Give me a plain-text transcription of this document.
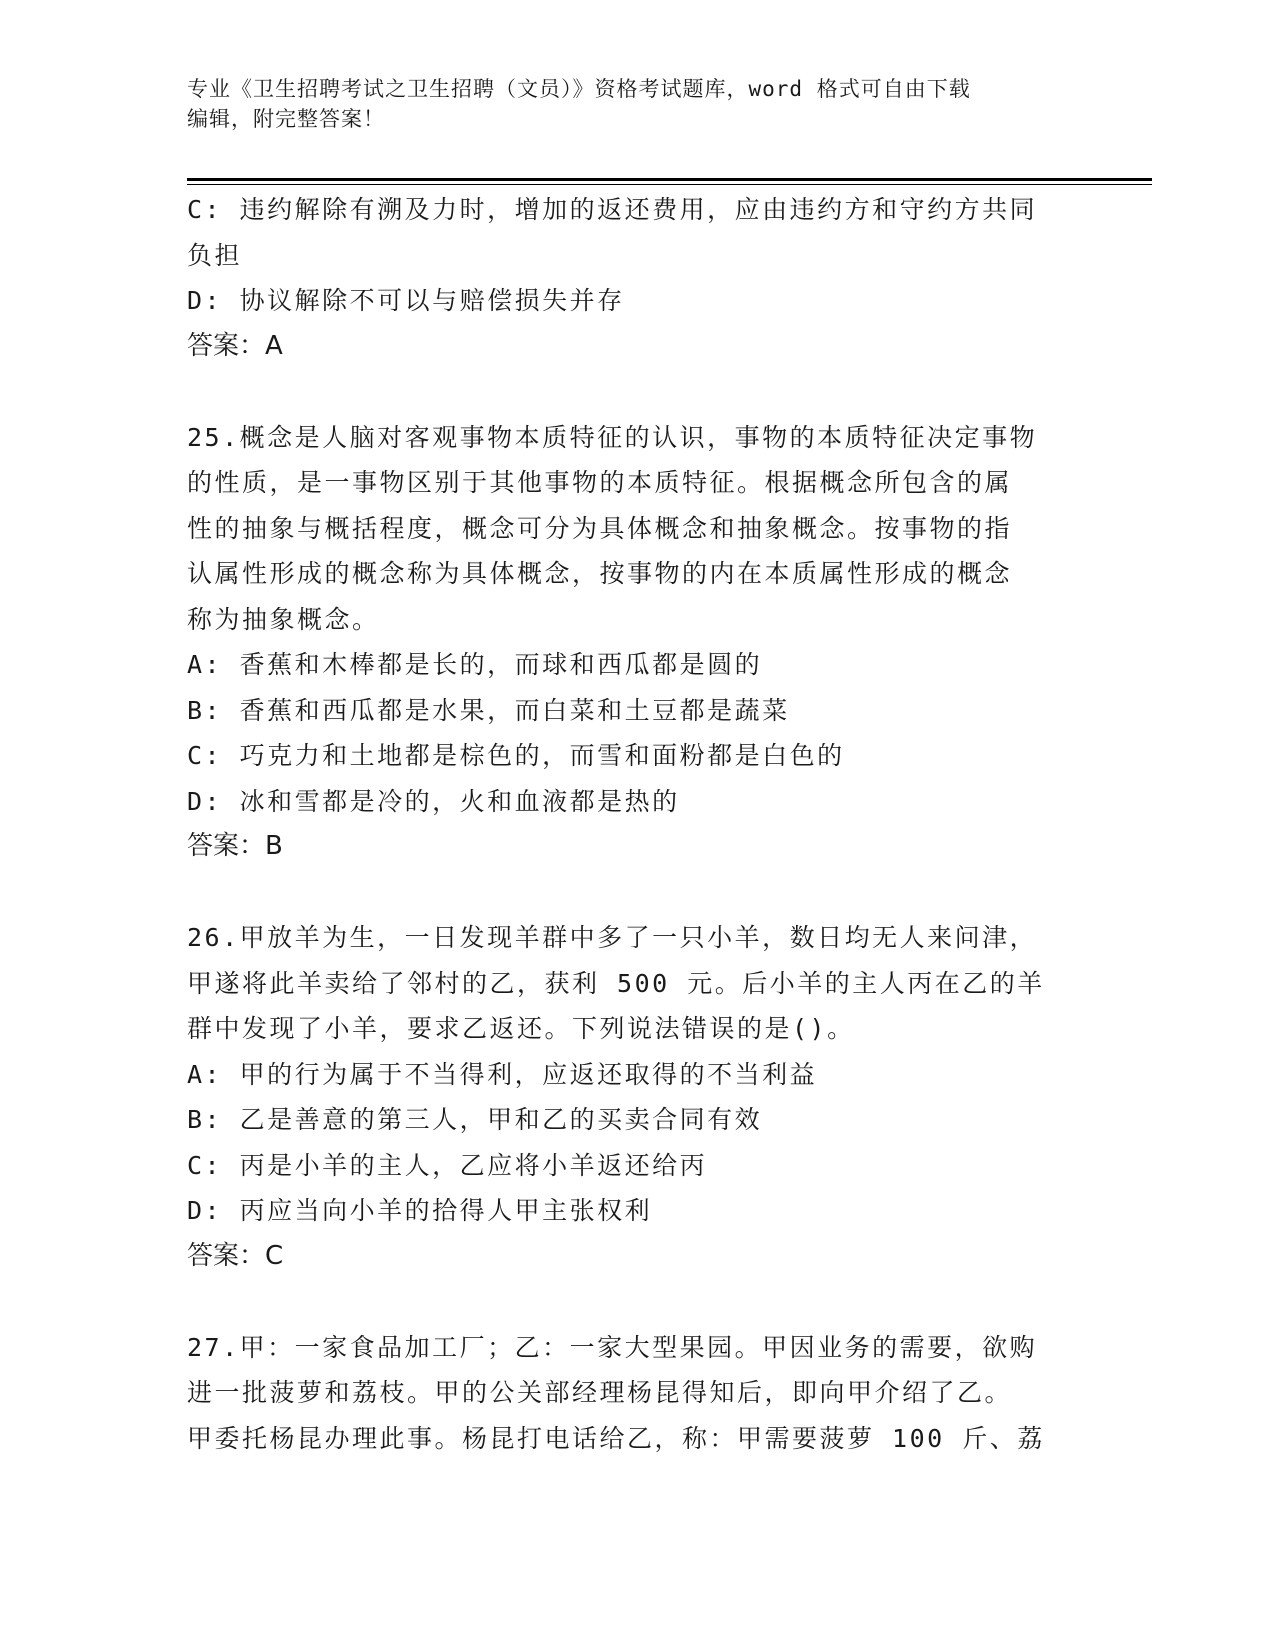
专业《卫生招聘考试之卫生招聘（文员）》资格考试题库，word 格式可自由下载
编辑，附完整答案！
C: 违约解除有溯及力时，增加的返还费用，应由违约方和守约方共同
负担
D: 协议解除不可以与赔偿损失并存
答案：A
25.概念是人脑对客观事物本质特征的认识，事物的本质特征决定事物
的性质，是一事物区别于其他事物的本质特征。根据概念所包含的属
性的抽象与概括程度，概念可分为具体概念和抽象概念。按事物的指
认属性形成的概念称为具体概念，按事物的内在本质属性形成的概念
称为抽象概念。
A: 香蕉和木棒都是长的，而球和西瓜都是圆的
B: 香蕉和西瓜都是水果，而白菜和土豆都是蔬菜
C: 巧克力和土地都是棕色的，而雪和面粉都是白色的
D: 冰和雪都是冷的，火和血液都是热的
答案：B
26.甲放羊为生，一日发现羊群中多了一只小羊，数日均无人来问津，
甲遂将此羊卖给了邻村的乙，获利 500 元。后小羊的主人丙在乙的羊
群中发现了小羊，要求乙返还。下列说法错误的是()。
A: 甲的行为属于不当得利，应返还取得的不当利益
B: 乙是善意的第三人，甲和乙的买卖合同有效
C: 丙是小羊的主人，乙应将小羊返还给丙
D: 丙应当向小羊的拾得人甲主张权利
答案：C
27.甲：一家食品加工厂；乙：一家大型果园。甲因业务的需要，欲购
进一批菠萝和荔枝。甲的公关部经理杨昆得知后，即向甲介绍了乙。
甲委托杨昆办理此事。杨昆打电话给乙，称：甲需要菠萝 100 斤、荔
